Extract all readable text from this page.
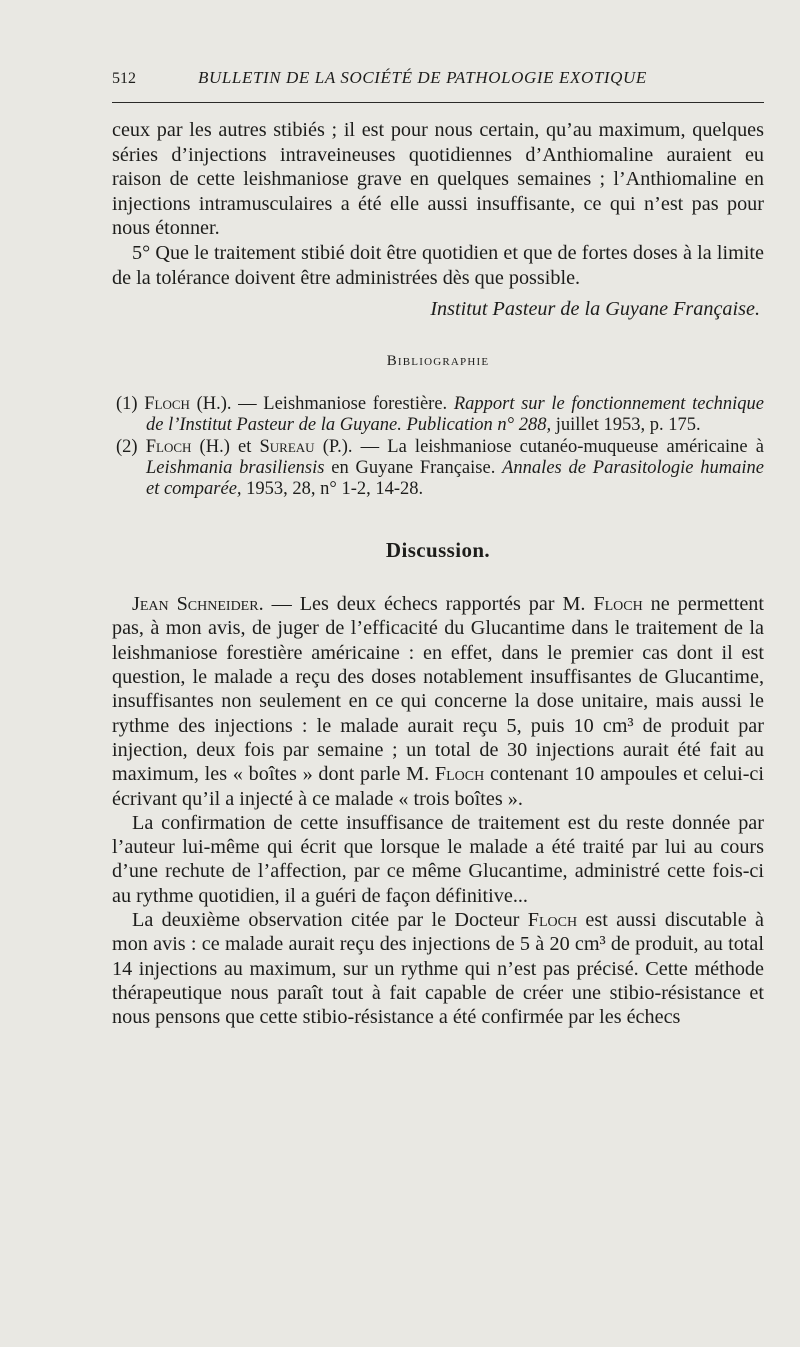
512	BULLETIN DE LA SOCIÉTÉ DE PATHOLOGIE EXOTIQUE

ceux par les autres stibiés ; il est pour nous certain, qu’au maximum, quelques séries d’injections intraveineuses quotidiennes d’Anthiomaline auraient eu raison de cette leishmaniose grave en quelques semaines ; l’Anthiomaline en injections intramusculaires a été elle aussi insuffisante, ce qui n’est pas pour nous étonner.

5° Que le traitement stibié doit être quotidien et que de fortes doses à la limite de la tolérance doivent être administrées dès que possible.

Institut Pasteur de la Guyane Française.
Bibliographie

(1) Floch (H.). — Leishmaniose forestière. Rapport sur le fonctionnement technique de l’Institut Pasteur de la Guyane. Publication n° 288, juillet 1953, p. 175.

(2) Floch (H.) et Sureau (P.). — La leishmaniose cutanéo-muqueuse américaine à Leishmania brasiliensis en Guyane Française. Annales de Parasitologie humaine et comparée, 1953, 28, n° 1-2, 14-28.

Discussion.

Jean Schneider. — Les deux échecs rapportés par M. Floch ne permettent pas, à mon avis, de juger de l’efficacité du Glucantime dans le traitement de la leishmaniose forestière américaine : en effet, dans le premier cas dont il est question, le malade a reçu des doses notablement insuffisantes de Glucantime, insuffisantes non seulement en ce qui concerne la dose unitaire, mais aussi le rythme des injections : le malade aurait reçu 5, puis 10 cm³ de produit par injection, deux fois par semaine ; un total de 30 injections aurait été fait au maximum, les « boîtes » dont parle M. Floch contenant 10 ampoules et celui-ci écrivant qu’il a injecté à ce malade « trois boîtes ».

La confirmation de cette insuffisance de traitement est du reste donnée par l’auteur lui-même qui écrit que lorsque le malade a été traité par lui au cours d’une rechute de l’affection, par ce même Glucantime, administré cette fois-ci au rythme quotidien, il a guéri de façon définitive...

La deuxième observation citée par le Docteur Floch est aussi discutable à mon avis : ce malade aurait reçu des injections de 5 à 20 cm³ de produit, au total 14 injections au maximum, sur un rythme qui n’est pas précisé. Cette méthode thérapeutique nous paraît tout à fait capable de créer une stibio-résistance et nous pensons que cette stibio-résistance a été confirmée par les échecs
